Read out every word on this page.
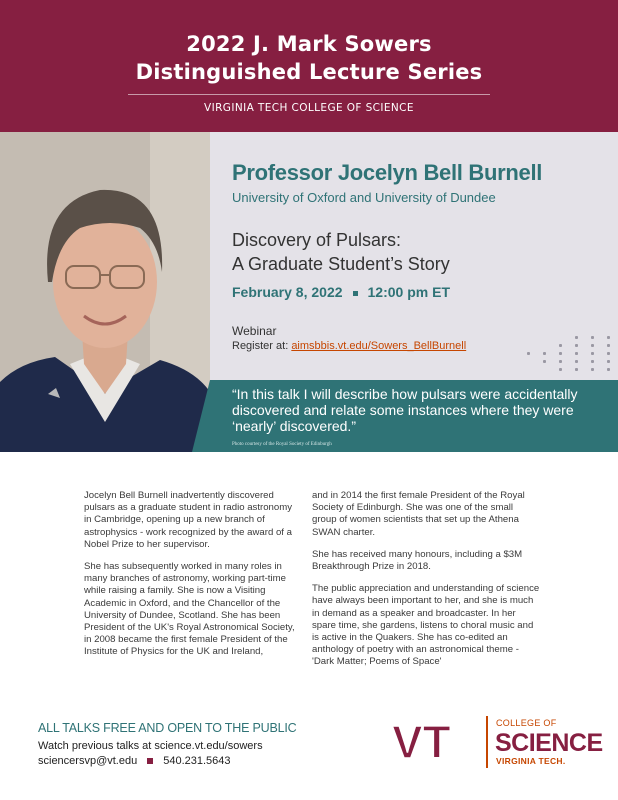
2022 J. Mark Sowers
Distinguished Lecture Series
VIRGINIA TECH COLLEGE OF SCIENCE
Professor Jocelyn Bell Burnell
University of Oxford and University of Dundee
Discovery of Pulsars:
A Graduate Student’s Story
February 8, 2022 12:00 pm ET
Webinar
Register at: aimsbbis.vt.edu/Sowers_BellBurnell
“In this talk I will describe how pulsars were accidentally discovered and relate some instances where they were ‘nearly’ discovered.”
Photo courtesy of the Royal Society of Edinburgh

Jocelyn Bell Burnell inadvertently discovered pulsars as a graduate student in radio astronomy in Cambridge, opening up a new branch of astrophysics - work recognized by the award of a Nobel Prize to her supervisor.

She has subsequently worked in many roles in many branches of astronomy, working part-time while raising a family. She is now a Visiting Academic in Oxford, and the Chancellor of the University of Dundee, Scotland. She has been President of the UK's Royal Astronomical Society, in 2008 became the first female President of the Institute of Physics for the UK and Ireland,

and in 2014 the first female President of the Royal Society of Edinburgh. She was one of the small group of women scientists that set up the Athena SWAN charter.

She has received many honours, including a $3M Breakthrough Prize in 2018.

The public appreciation and understanding of science have always been important to her, and she is much in demand as a speaker and broadcaster. In her spare time, she gardens, listens to choral music and is active in the Quakers. She has co-edited an anthology of poetry with an astronomical theme - 'Dark Matter; Poems of Space'

ALL TALKS FREE AND OPEN TO THE PUBLIC
Watch previous talks at science.vt.edu/sowers
sciencersvp@vt.edu 540.231.5643	VT	COLLEGE OF
SCIENCE
VIRGINIA TECH.
